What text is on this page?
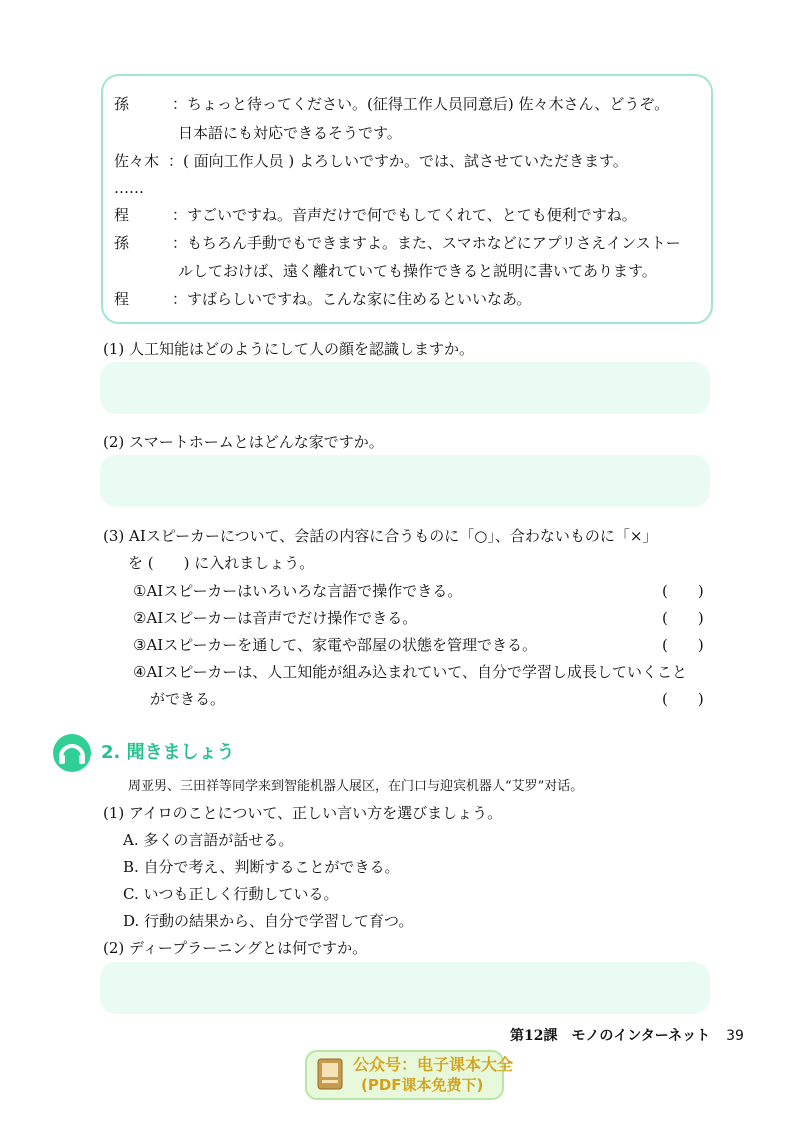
孫	：ちょっと待ってください。(征得工作人员同意后) 佐々木さん、どうぞ。
日本語にも対応できるそうです。
佐々木 ：( 面向工作人员 ) よろしいですか。では、試させていただきます。
……
程	：すごいですね。音声だけで何でもしてくれて、とても便利ですね。
孫	：もちろん手動でもできますよ。また、スマホなどにアプリさえインストー
ルしておけば、遠く離れていても操作できると説明に書いてあります。
程	：すばらしいですね。こんな家に住めるといいなあ。
(1) 人工知能はどのようにして人の顔を認識しますか。
(2) スマートホームとはどんな家ですか。
(3) AIスピーカーについて、会話の内容に合うものに「○」、合わないものに「×」
を (　　) に入れましょう。
①AIスピーカーはいろいろな言語で操作できる。	(　　)
②AIスピーカーは音声でだけ操作できる。	(　　)
③AIスピーカーを通して、家電や部屋の状態を管理できる。	(　　)
④AIスピーカーは、人工知能が組み込まれていて、自分で学習し成長していくこと
ができる。	(　　)
2. 聞きましょう
周亚男、三田祥等同学来到智能机器人展区，在门口与迎宾机器人“艾罗”对话。
(1) アイロのことについて、正しい言い方を選びましょう。
A. 多くの言語が話せる。
B. 自分で考え、判断することができる。
C. いつも正しく行動している。
D. 行動の結果から、自分で学習して育つ。
(2) ディープラーニングとは何ですか。
第12課　モノのインターネット 39
公众号：电子课本大全
(PDF课本免费下)
